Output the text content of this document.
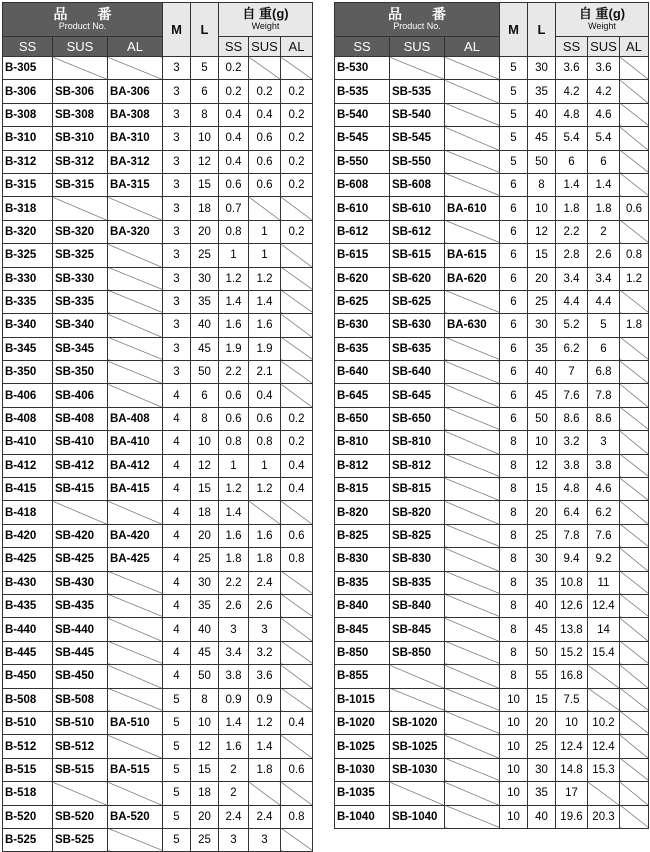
品　番
Product No.			M	L	自 重(g)
Weight		

SS	SUS	AL			SS	SUS	AL
B-305			3	5	0.2		
B-306	SB-306	BA-306	3	6	0.2	0.2	0.2
B-308	SB-308	BA-308	3	8	0.4	0.4	0.2
B-310	SB-310	BA-310	3	10	0.4	0.6	0.2
B-312	SB-312	BA-312	3	12	0.4	0.6	0.2
B-315	SB-315	BA-315	3	15	0.6	0.6	0.2
B-318			3	18	0.7		
B-320	SB-320	BA-320	3	20	0.8	1	0.2
B-325	SB-325		3	25	1	1	
B-330	SB-330		3	30	1.2	1.2	
B-335	SB-335		3	35	1.4	1.4	
B-340	SB-340		3	40	1.6	1.6	
B-345	SB-345		3	45	1.9	1.9	
B-350	SB-350		3	50	2.2	2.1	
B-406	SB-406		4	6	0.6	0.4	
B-408	SB-408	BA-408	4	8	0.6	0.6	0.2
B-410	SB-410	BA-410	4	10	0.8	0.8	0.2
B-412	SB-412	BA-412	4	12	1	1	0.4
B-415	SB-415	BA-415	4	15	1.2	1.2	0.4
B-418			4	18	1.4		
B-420	SB-420	BA-420	4	20	1.6	1.6	0.6
B-425	SB-425	BA-425	4	25	1.8	1.8	0.8
B-430	SB-430		4	30	2.2	2.4	
B-435	SB-435		4	35	2.6	2.6	
B-440	SB-440		4	40	3	3	
B-445	SB-445		4	45	3.4	3.2	
B-450	SB-450		4	50	3.8	3.6	
B-508	SB-508		5	8	0.9	0.9	
B-510	SB-510	BA-510	5	10	1.4	1.2	0.4
B-512	SB-512		5	12	1.6	1.4	
B-515	SB-515	BA-515	5	15	2	1.8	0.6
B-518			5	18	2		
B-520	SB-520	BA-520	5	20	2.4	2.4	0.8
B-525	SB-525		5	25	3	3	
品　番
Product No.			M	L	自 重(g)
Weight		

SS	SUS	AL			SS	SUS	AL
B-530			5	30	3.6	3.6	
B-535	SB-535		5	35	4.2	4.2	
B-540	SB-540		5	40	4.8	4.6	
B-545	SB-545		5	45	5.4	5.4	
B-550	SB-550		5	50	6	6	
B-608	SB-608		6	8	1.4	1.4	
B-610	SB-610	BA-610	6	10	1.8	1.8	0.6
B-612	SB-612		6	12	2.2	2	
B-615	SB-615	BA-615	6	15	2.8	2.6	0.8
B-620	SB-620	BA-620	6	20	3.4	3.4	1.2
B-625	SB-625		6	25	4.4	4.4	
B-630	SB-630	BA-630	6	30	5.2	5	1.8
B-635	SB-635		6	35	6.2	6	
B-640	SB-640		6	40	7	6.8	
B-645	SB-645		6	45	7.6	7.8	
B-650	SB-650		6	50	8.6	8.6	
B-810	SB-810		8	10	3.2	3	
B-812	SB-812		8	12	3.8	3.8	
B-815	SB-815		8	15	4.8	4.6	
B-820	SB-820		8	20	6.4	6.2	
B-825	SB-825		8	25	7.8	7.6	
B-830	SB-830		8	30	9.4	9.2	
B-835	SB-835		8	35	10.8	11	
B-840	SB-840		8	40	12.6	12.4	
B-845	SB-845		8	45	13.8	14	
B-850	SB-850		8	50	15.2	15.4	
B-855			8	55	16.8		
B-1015			10	15	7.5		
B-1020	SB-1020		10	20	10	10.2	
B-1025	SB-1025		10	25	12.4	12.4	
B-1030	SB-1030		10	30	14.8	15.3	
B-1035			10	35	17		
B-1040	SB-1040		10	40	19.6	20.3	
